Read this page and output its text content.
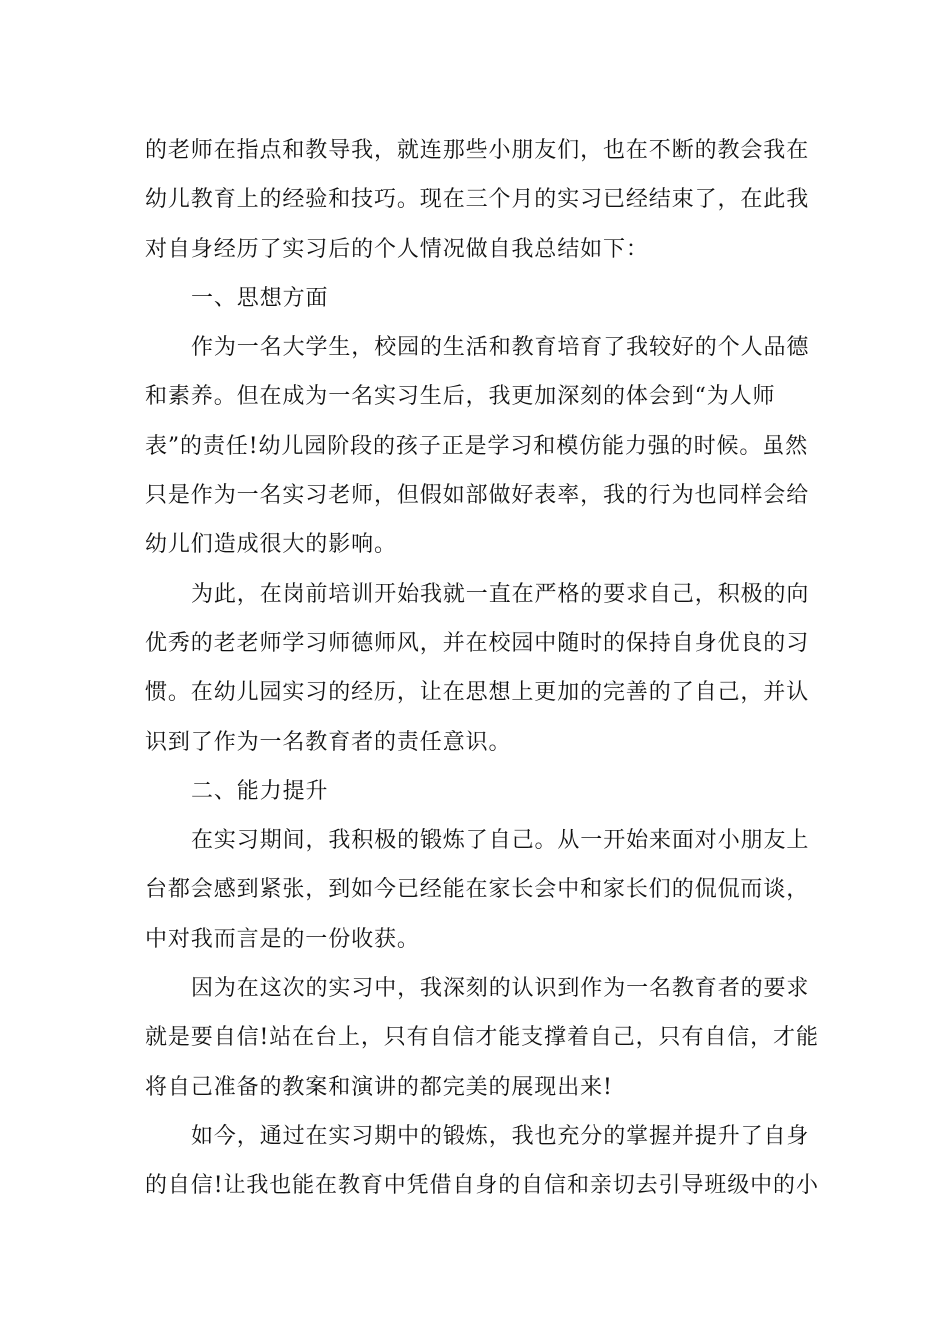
的老师在指点和教导我，就连那些小朋友们，也在不断的教会我在
幼儿教育上的经验和技巧。现在三个月的实习已经结束了，在此我
对自身经历了实习后的个人情况做自我总结如下：
一、思想方面
作为一名大学生，校园的生活和教育培育了我较好的个人品德
和素养。但在成为一名实习生后，我更加深刻的体会到“为人师
表”的责任!幼儿园阶段的孩子正是学习和模仿能力强的时候。虽然
只是作为一名实习老师，但假如部做好表率，我的行为也同样会给
幼儿们造成很大的影响。
为此，在岗前培训开始我就一直在严格的要求自己，积极的向
优秀的老老师学习师德师风，并在校园中随时的保持自身优良的习
惯。在幼儿园实习的经历，让在思想上更加的完善的了自己，并认
识到了作为一名教育者的责任意识。
二、能力提升
在实习期间，我积极的锻炼了自己。从一开始来面对小朋友上
台都会感到紧张，到如今已经能在家长会中和家长们的侃侃而谈，
中对我而言是的一份收获。
因为在这次的实习中，我深刻的认识到作为一名教育者的要求
就是要自信!站在台上，只有自信才能支撑着自己，只有自信，才能
将自己准备的教案和演讲的都完美的展现出来!
如今，通过在实习期中的锻炼，我也充分的掌握并提升了自身
的自信!让我也能在教育中凭借自身的自信和亲切去引导班级中的小
